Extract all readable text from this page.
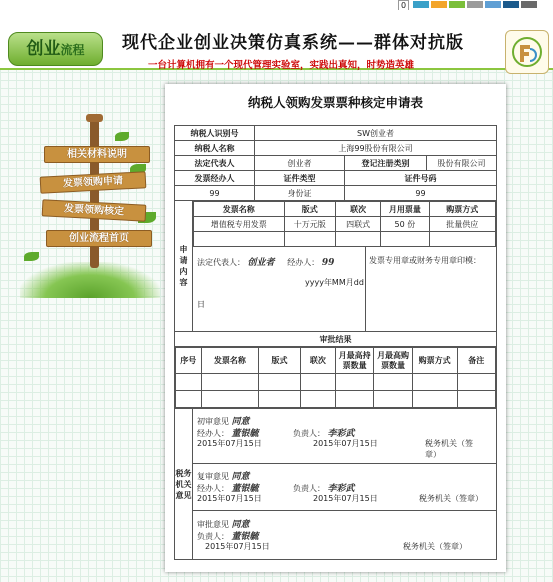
0
创业流程	现代企业创业决策仿真系统——群体对抗版
一台计算机拥有一个现代管理实验室，实践出真知，时势造英雄
相关材料说明
发票领购申请
发票领购核定
创业流程首页
纳税人领购发票票种核定申请表
纳税人识别号	SW创业者
纳税人名称	上海99股份有限公司
法定代表人	创业者	登记注册类别	股份有限公司
发票经办人	证件类型	证件号码
99	身份证	99
申请内容	
发票名称	版式	联次	月用票量	购票方式
增值税专用发票	十万元版	四联式	50 份	批量供应

法定代表人： 创业者 经办人： 99
yyyy年MM月dd
日
发票专用章或财务专用章印模：

审批结果

序号	发票名称	版式	联次	月最高持票数量	月最高购票数量	购票方式	备注

税务机关意见	
初审意见 同意
经办人： 董银毓	负责人： 李彩武
2015年07月15日	2015年07月15日	税务机关（签章）
复审意见 同意
经办人： 董银毓	负责人： 李彩武
2015年07月15日	2015年07月15日	税务机关（签章）
审批意见 同意
负责人： 董银毓
2015年07月15日	税务机关（签章）
